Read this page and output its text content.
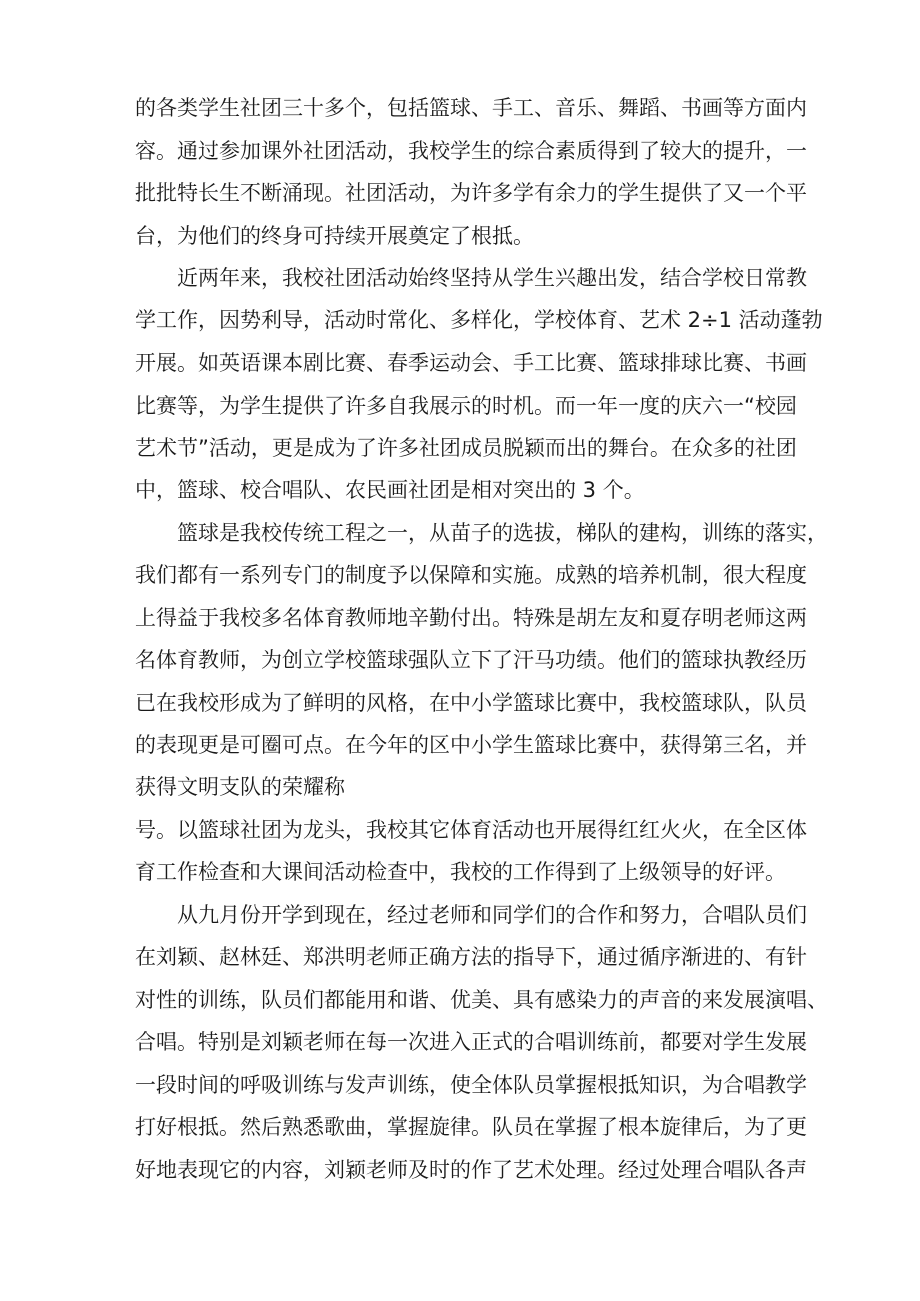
的各类学生社团三十多个，包括篮球、手工、音乐、舞蹈、书画等方面内
容。通过参加课外社团活动，我校学生的综合素质得到了较大的提升，一
批批特长生不断涌现。社团活动，为许多学有余力的学生提供了又一个平
台，为他们的终身可持续开展奠定了根抵。
近两年来，我校社团活动始终坚持从学生兴趣出发，结合学校日常教
学工作，因势利导，活动时常化、多样化，学校体育、艺术 2÷1 活动蓬勃
开展。如英语课本剧比赛、春季运动会、手工比赛、篮球排球比赛、书画
比赛等，为学生提供了许多自我展示的时机。而一年一度的庆六一“校园
艺术节”活动，更是成为了许多社团成员脱颖而出的舞台。在众多的社团
中，篮球、校合唱队、农民画社团是相对突出的 3 个。
篮球是我校传统工程之一，从苗子的选拔，梯队的建构，训练的落实，
我们都有一系列专门的制度予以保障和实施。成熟的培养机制，很大程度
上得益于我校多名体育教师地辛勤付出。特殊是胡左友和夏存明老师这两
名体育教师，为创立学校篮球强队立下了汗马功绩。他们的篮球执教经历
已在我校形成为了鲜明的风格，在中小学篮球比赛中，我校篮球队，队员
的表现更是可圈可点。在今年的区中小学生篮球比赛中，获得第三名，并
获得文明支队的荣耀称
号。以篮球社团为龙头，我校其它体育活动也开展得红红火火，在全区体
育工作检查和大课间活动检查中，我校的工作得到了上级领导的好评。
从九月份开学到现在，经过老师和同学们的合作和努力，合唱队员们
在刘颖、赵林廷、郑洪明老师正确方法的指导下，通过循序渐进的、有针
对性的训练，队员们都能用和谐、优美、具有感染力的声音的来发展演唱、
合唱。特别是刘颖老师在每一次进入正式的合唱训练前，都要对学生发展
一段时间的呼吸训练与发声训练，使全体队员掌握根抵知识，为合唱教学
打好根抵。然后熟悉歌曲，掌握旋律。队员在掌握了根本旋律后，为了更
好地表现它的内容，刘颖老师及时的作了艺术处理。经过处理合唱队各声
